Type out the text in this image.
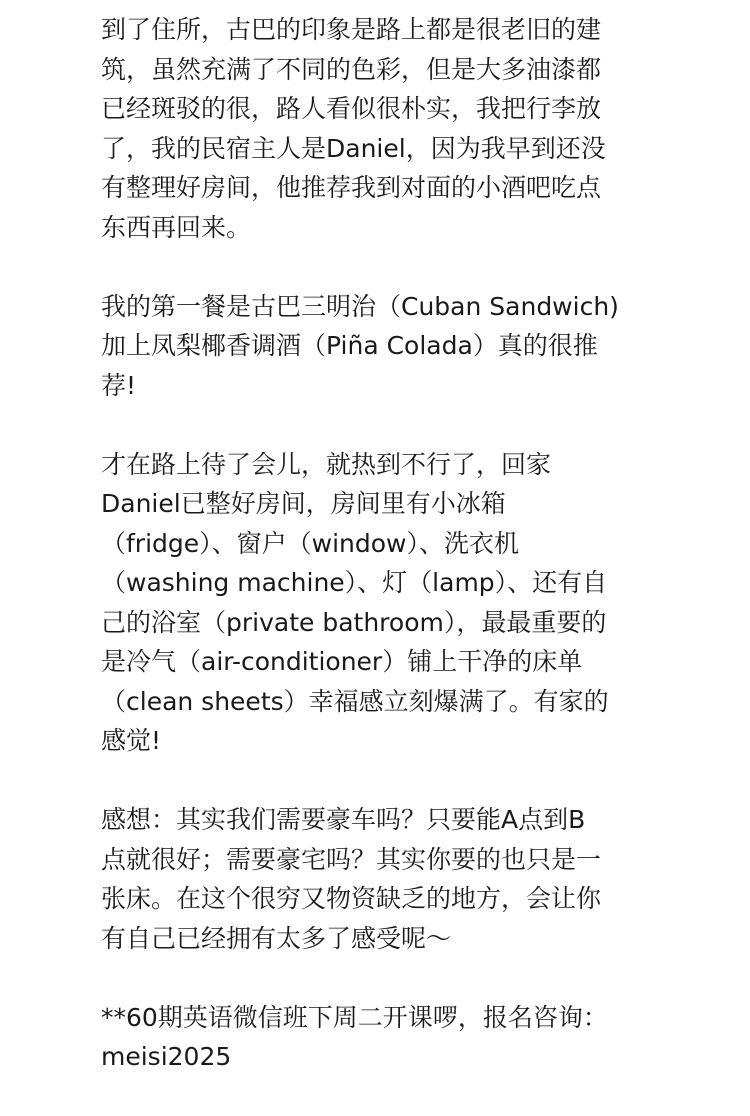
到了住所，古巴的印象是路上都是很老旧的建
筑，虽然充满了不同的色彩，但是大多油漆都
已经斑驳的很，路人看似很朴实，我把行李放
了，我的民宿主人是Daniel，因为我早到还没
有整理好房间，他推荐我到对面的小酒吧吃点
东西再回来。
我的第一餐是古巴三明治（Cuban Sandwich)
加上凤梨椰香调酒（Piña Colada）真的很推
荐!
才在路上待了会儿，就热到不行了，回家
Daniel已整好房间，房间里有小冰箱
（fridge）、窗户（window）、洗衣机
（washing machine）、灯（lamp）、还有自
己的浴室（private bathroom），最最重要的
是冷气（air-conditioner）铺上干净的床单
（clean sheets）幸福感立刻爆满了。有家的
感觉!
感想：其实我们需要豪车吗？只要能A点到B
点就很好；需要豪宅吗？其实你要的也只是一
张床。在这个很穷又物资缺乏的地方，会让你
有自己已经拥有太多了感受呢～
**60期英语微信班下周二开课啰，报名咨询：
meisi2025
